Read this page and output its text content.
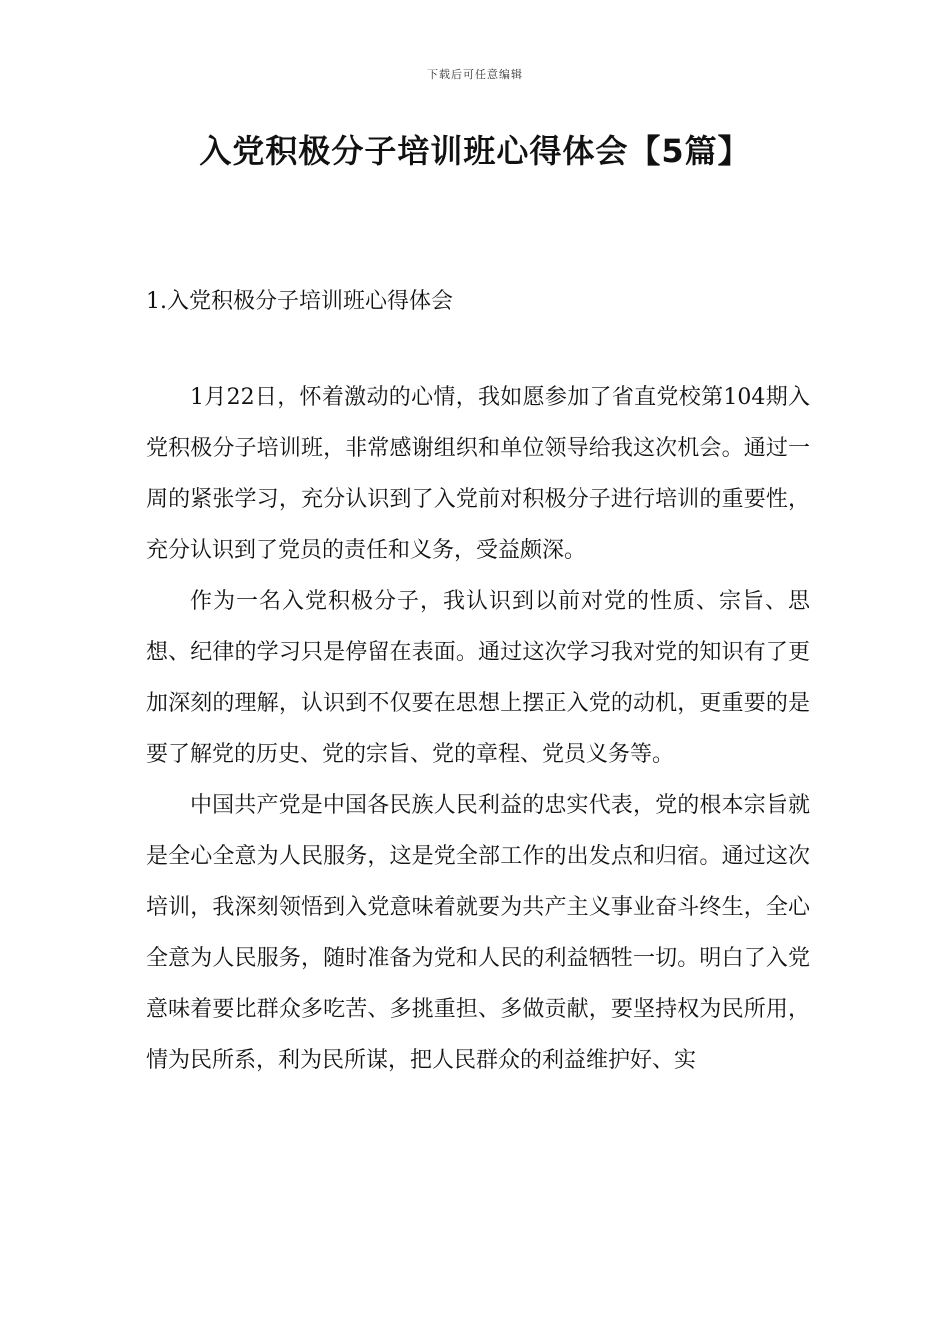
下载后可任意编辑
入党积极分子培训班心得体会【5篇】
1.入党积极分子培训班心得体会

1月22日，怀着激动的心情，我如愿参加了省直党校第104期入党积极分子培训班，非常感谢组织和单位领导给我这次机会。通过一周的紧张学习，充分认识到了入党前对积极分子进行培训的重要性，充分认识到了党员的责任和义务，受益颇深。

作为一名入党积极分子，我认识到以前对党的性质、宗旨、思想、纪律的学习只是停留在表面。通过这次学习我对党的知识有了更加深刻的理解，认识到不仅要在思想上摆正入党的动机，更重要的是要了解党的历史、党的宗旨、党的章程、党员义务等。

中国共产党是中国各民族人民利益的忠实代表，党的根本宗旨就是全心全意为人民服务，这是党全部工作的出发点和归宿。通过这次培训，我深刻领悟到入党意味着就要为共产主义事业奋斗终生，全心全意为人民服务，随时准备为党和人民的利益牺牲一切。明白了入党意味着要比群众多吃苦、多挑重担、多做贡献，要坚持权为民所用，情为民所系，利为民所谋，把人民群众的利益维护好、实
